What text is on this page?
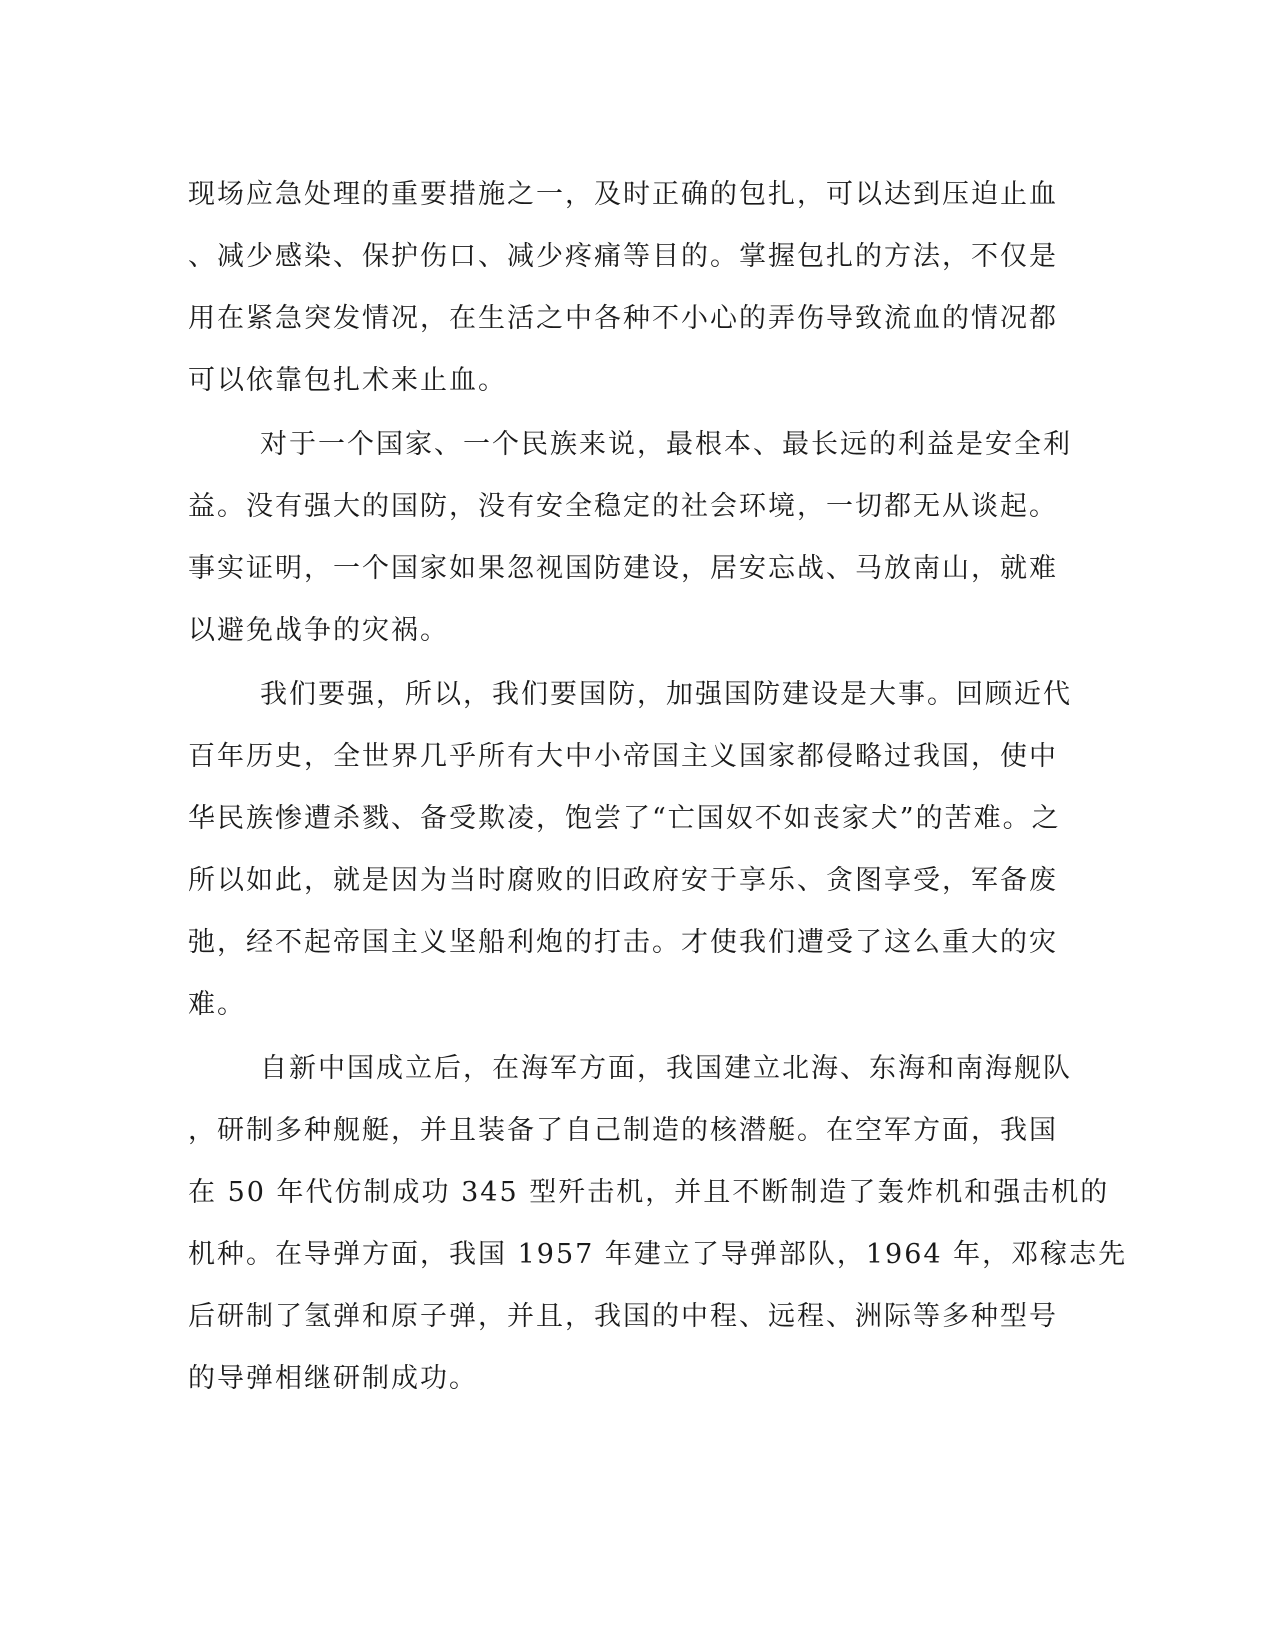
现场应急处理的重要措施之一，及时正确的包扎，可以达到压迫止血
、减少感染、保护伤口、减少疼痛等目的。掌握包扎的方法，不仅是
用在紧急突发情况，在生活之中各种不小心的弄伤导致流血的情况都
可以依靠包扎术来止血。
对于一个国家、一个民族来说，最根本、最长远的利益是安全利
益。没有强大的国防，没有安全稳定的社会环境，一切都无从谈起。
事实证明，一个国家如果忽视国防建设，居安忘战、马放南山，就难
以避免战争的灾祸。
我们要强，所以，我们要国防，加强国防建设是大事。回顾近代
百年历史，全世界几乎所有大中小帝国主义国家都侵略过我国，使中
华民族惨遭杀戮、备受欺凌，饱尝了“亡国奴不如丧家犬”的苦难。之
所以如此，就是因为当时腐败的旧政府安于享乐、贪图享受，军备废
弛，经不起帝国主义坚船利炮的打击。才使我们遭受了这么重大的灾
难。
自新中国成立后，在海军方面，我国建立北海、东海和南海舰队
，研制多种舰艇，并且装备了自己制造的核潜艇。在空军方面，我国
在 50 年代仿制成功 345 型歼击机，并且不断制造了轰炸机和强击机的
机种。在导弹方面，我国 1957 年建立了导弹部队，1964 年，邓稼志先
后研制了氢弹和原子弹，并且，我国的中程、远程、洲际等多种型号
的导弹相继研制成功。
